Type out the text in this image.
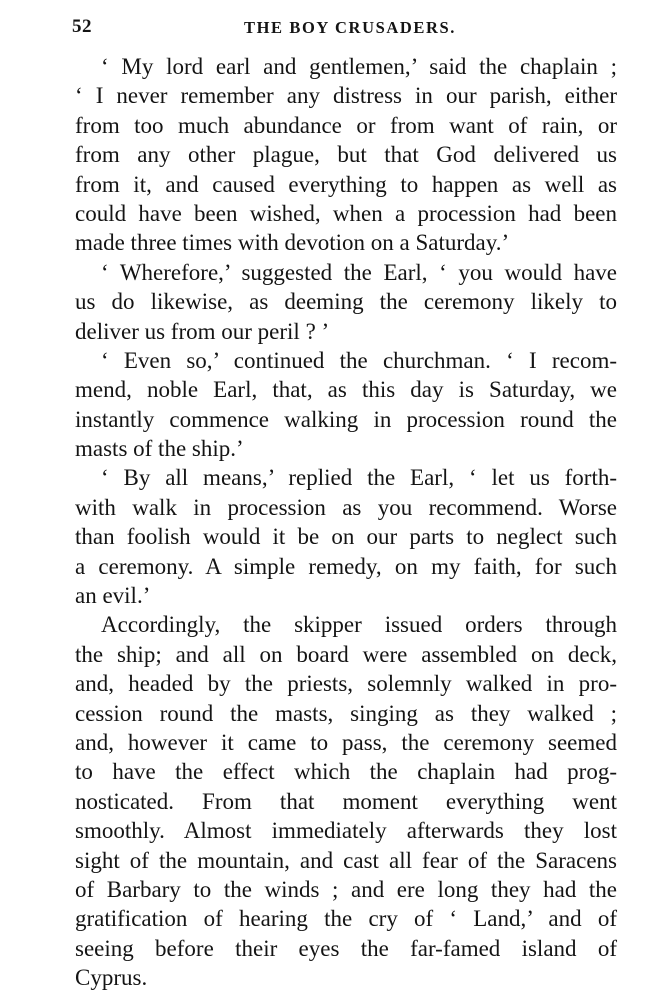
52	THE BOY CRUSADERS.
‘ My lord earl and gentlemen,’ said the chaplain ;
‘ I never remember any distress in our parish, either
from too much abundance or from want of rain, or
from any other plague, but that God delivered us
from it, and caused everything to happen as well as
could have been wished, when a procession had been
made three times with devotion on a Saturday.’
‘ Wherefore,’ suggested the Earl, ‘ you would have
us do likewise, as deeming the ceremony likely to
deliver us from our peril ? ’
‘ Even so,’ continued the churchman. ‘ I recom-
mend, noble Earl, that, as this day is Saturday, we
instantly commence walking in procession round the
masts of the ship.’
‘ By all means,’ replied the Earl, ‘ let us forth-
with walk in procession as you recommend. Worse
than foolish would it be on our parts to neglect such
a ceremony. A simple remedy, on my faith, for such
an evil.’
Accordingly, the skipper issued orders through
the ship; and all on board were assembled on deck,
and, headed by the priests, solemnly walked in pro-
cession round the masts, singing as they walked ;
and, however it came to pass, the ceremony seemed
to have the effect which the chaplain had prog-
nosticated. From that moment everything went
smoothly. Almost immediately afterwards they lost
sight of the mountain, and cast all fear of the Saracens
of Barbary to the winds ; and ere long they had the
gratification of hearing the cry of ‘ Land,’ and of
seeing before their eyes the far-famed island of
Cyprus.
